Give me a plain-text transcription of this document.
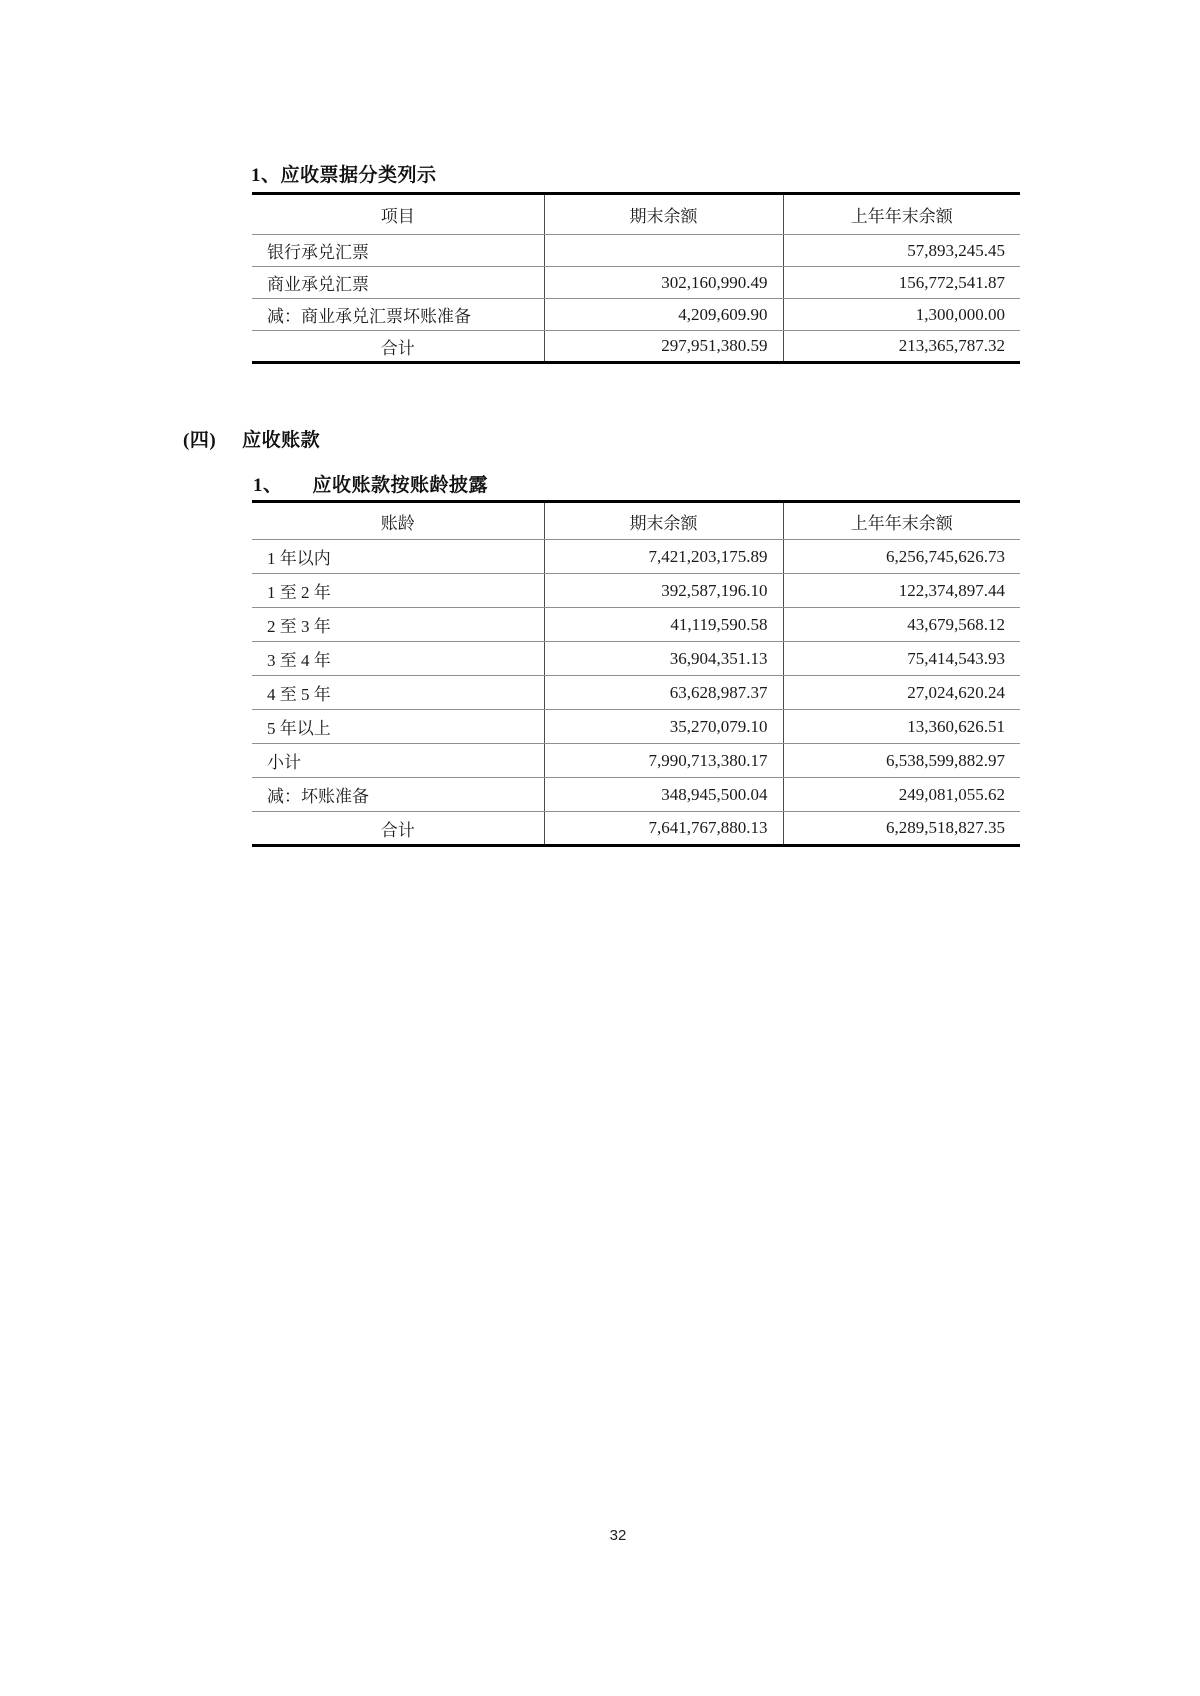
1、应收票据分类列示
项目	期末余额	上年年末余额
银行承兑汇票		57,893,245.45
商业承兑汇票	302,160,990.49	156,772,541.87
减：商业承兑汇票坏账准备	4,209,609.90	1,300,000.00
合计	297,951,380.59	213,365,787.32
(四) 应收账款
1、 应收账款按账龄披露
账龄	期末余额	上年年末余额
1 年以内	7,421,203,175.89	6,256,745,626.73
1 至 2 年	392,587,196.10	122,374,897.44
2 至 3 年	41,119,590.58	43,679,568.12
3 至 4 年	36,904,351.13	75,414,543.93
4 至 5 年	63,628,987.37	27,024,620.24
5 年以上	35,270,079.10	13,360,626.51
小计	7,990,713,380.17	6,538,599,882.97
减：坏账准备	348,945,500.04	249,081,055.62
合计	7,641,767,880.13	6,289,518,827.35
32
